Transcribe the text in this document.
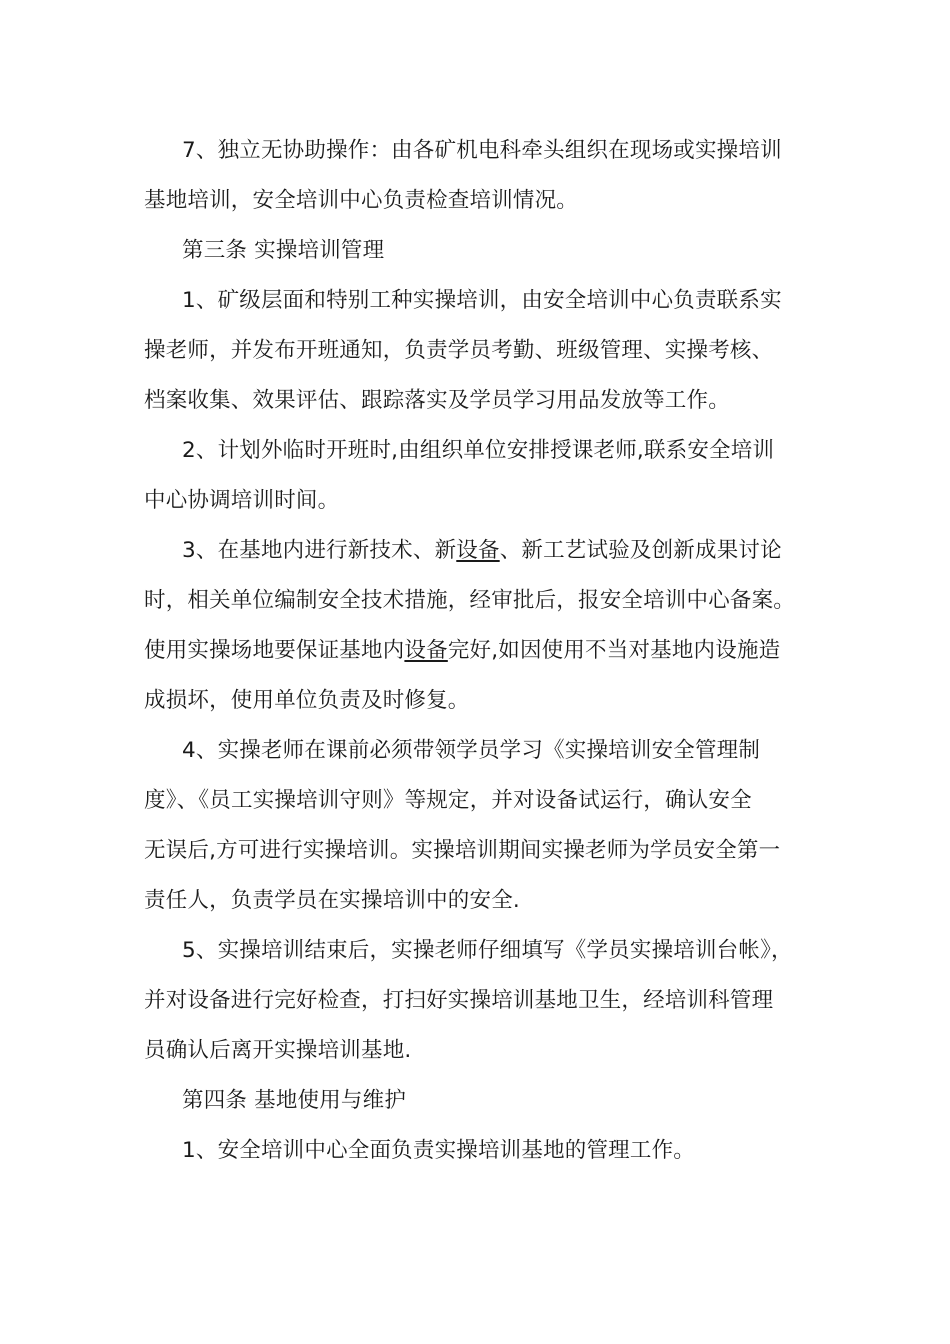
7、独立无协助操作：由各矿机电科牵头组织在现场或实操培训
基地培训，安全培训中心负责检查培训情况。
第三条 实操培训管理
1、矿级层面和特别工种实操培训，由安全培训中心负责联系实
操老师，并发布开班通知，负责学员考勤、班级管理、实操考核、
档案收集、效果评估、跟踪落实及学员学习用品发放等工作。
2、计划外临时开班时,由组织单位安排授课老师,联系安全培训
中心协调培训时间。
3、在基地内进行新技术、新设备、新工艺试验及创新成果讨论
时，相关单位编制安全技术措施，经审批后，报安全培训中心备案。
使用实操场地要保证基地内设备完好,如因使用不当对基地内设施造
成损坏，使用单位负责及时修复。
4、实操老师在课前必须带领学员学习《实操培训安全管理制
度》、《员工实操培训守则》等规定，并对设备试运行，确认安全
无误后,方可进行实操培训。实操培训期间实操老师为学员安全第一
责任人，负责学员在实操培训中的安全.
5、实操培训结束后，实操老师仔细填写《学员实操培训台帐》，
并对设备进行完好检查，打扫好实操培训基地卫生，经培训科管理
员确认后离开实操培训基地.
第四条 基地使用与维护
1、安全培训中心全面负责实操培训基地的管理工作。
